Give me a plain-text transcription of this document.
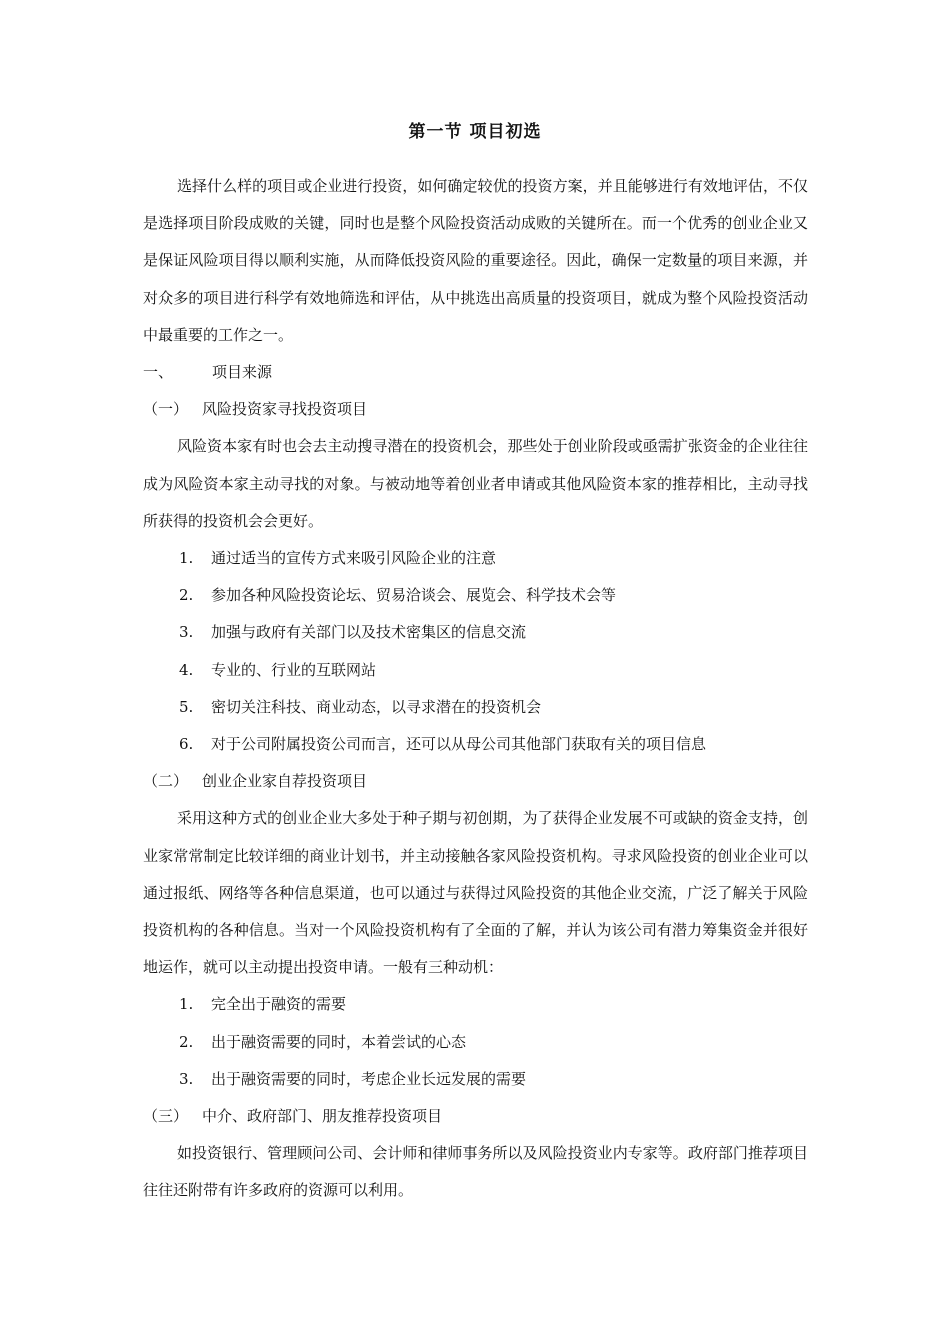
第一节 项目初选

选择什么样的项目或企业进行投资，如何确定较优的投资方案，并且能够进行有效地评估，不仅是选择项目阶段成败的关键，同时也是整个风险投资活动成败的关键所在。而一个优秀的创业企业又是保证风险项目得以顺利实施，从而降低投资风险的重要途径。因此，确保一定数量的项目来源，并对众多的项目进行科学有效地筛选和评估，从中挑选出高质量的投资项目，就成为整个风险投资活动中最重要的工作之一。

一、	项目来源

（一） 风险投资家寻找投资项目

风险资本家有时也会去主动搜寻潜在的投资机会，那些处于创业阶段或亟需扩张资金的企业往往成为风险资本家主动寻找的对象。与被动地等着创业者申请或其他风险资本家的推荐相比，主动寻找所获得的投资机会会更好。

1. 通过适当的宣传方式来吸引风险企业的注意
2. 参加各种风险投资论坛、贸易洽谈会、展览会、科学技术会等
3. 加强与政府有关部门以及技术密集区的信息交流
4. 专业的、行业的互联网站
5. 密切关注科技、商业动态，以寻求潜在的投资机会
6. 对于公司附属投资公司而言，还可以从母公司其他部门获取有关的项目信息

（二） 创业企业家自荐投资项目

采用这种方式的创业企业大多处于种子期与初创期，为了获得企业发展不可或缺的资金支持，创业家常常制定比较详细的商业计划书，并主动接触各家风险投资机构。寻求风险投资的创业企业可以通过报纸、网络等各种信息渠道，也可以通过与获得过风险投资的其他企业交流，广泛了解关于风险投资机构的各种信息。当对一个风险投资机构有了全面的了解，并认为该公司有潜力筹集资金并很好地运作，就可以主动提出投资申请。一般有三种动机：

1. 完全出于融资的需要
2. 出于融资需要的同时，本着尝试的心态
3. 出于融资需要的同时，考虑企业长远发展的需要

（三） 中介、政府部门、朋友推荐投资项目

如投资银行、管理顾问公司、会计师和律师事务所以及风险投资业内专家等。政府部门推荐项目往往还附带有许多政府的资源可以利用。
